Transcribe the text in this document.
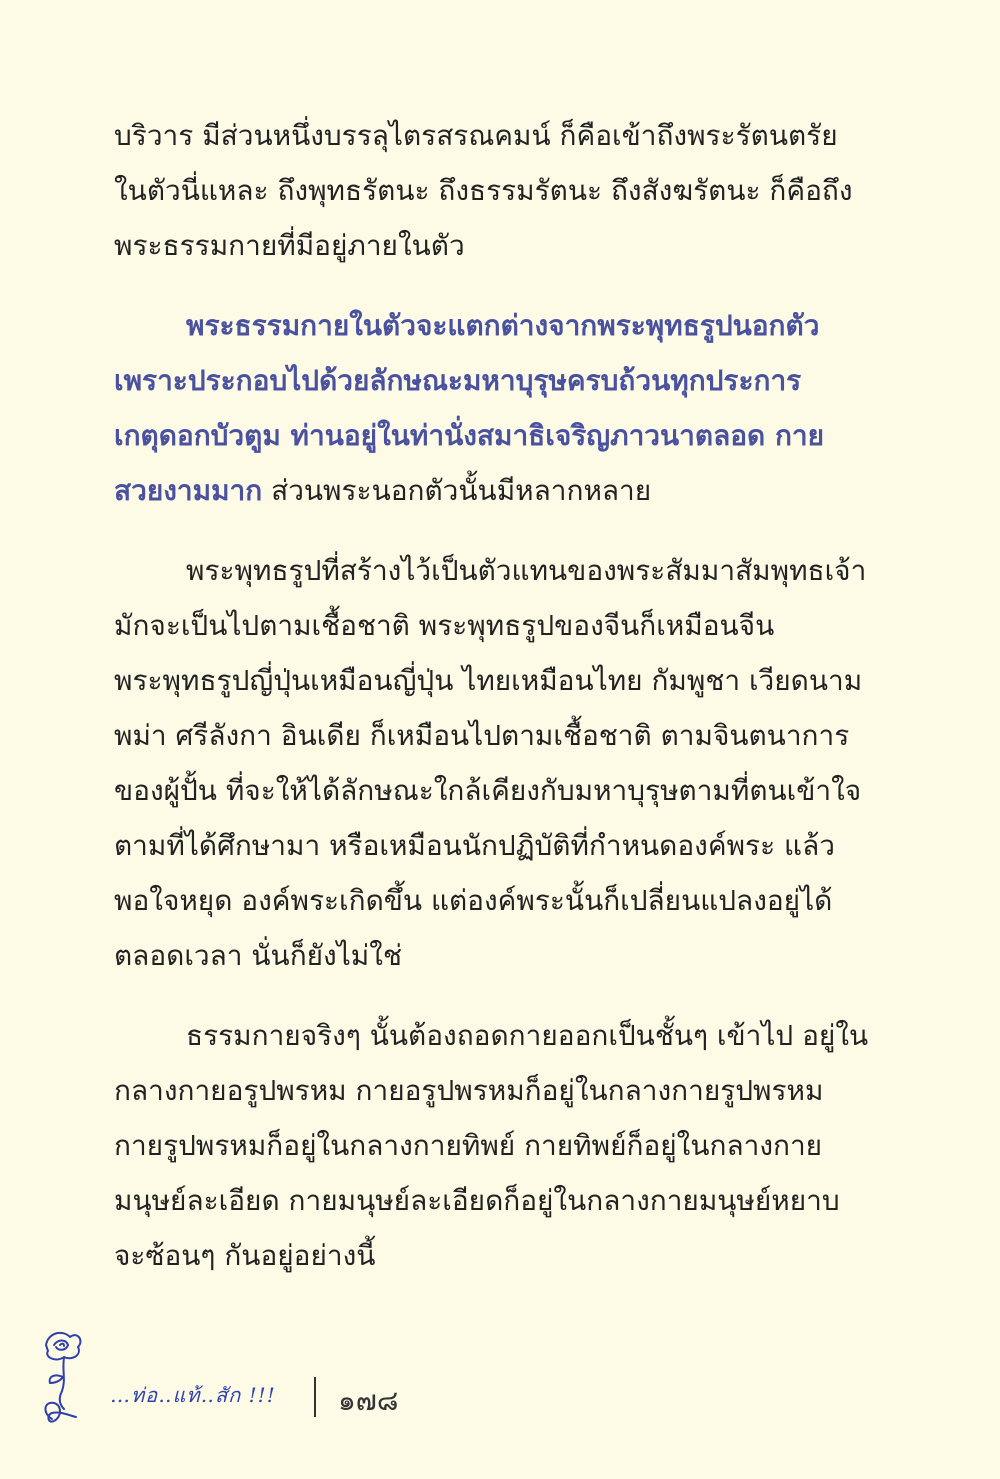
บริวาร มีส่วนหนึ่งบรรลุไตรสรณคมน์ ก็คือเข้าถึงพระรัตนตรัย
ในตัวนี่แหละ ถึงพุทธรัตนะ ถึงธรรมรัตนะ ถึงสังฆรัตนะ ก็คือถึง
พระธรรมกายที่มีอยู่ภายในตัว

พระธรรมกายในตัวจะแตกต่างจากพระพุทธรูปนอกตัว
เพราะประกอบไปด้วยลักษณะมหาบุรุษครบถ้วนทุกประการ
เกตุดอกบัวตูม ท่านอยู่ในท่านั่งสมาธิเจริญภาวนาตลอด กาย
สวยงามมาก ส่วนพระนอกตัวนั้นมีหลากหลาย

พระพุทธรูปที่สร้างไว้เป็นตัวแทนของพระสัมมาสัมพุทธเจ้า
มักจะเป็นไปตามเชื้อชาติ พระพุทธรูปของจีนก็เหมือนจีน
พระพุทธรูปญี่ปุ่นเหมือนญี่ปุ่น ไทยเหมือนไทย กัมพูชา เวียดนาม
พม่า ศรีลังกา อินเดีย ก็เหมือนไปตามเชื้อชาติ ตามจินตนาการ
ของผู้ปั้น ที่จะให้ได้ลักษณะใกล้เคียงกับมหาบุรุษตามที่ตนเข้าใจ
ตามที่ได้ศึกษามา หรือเหมือนนักปฏิบัติที่กำหนดองค์พระ แล้ว
พอใจหยุด องค์พระเกิดขึ้น แต่องค์พระนั้นก็เปลี่ยนแปลงอยู่ได้
ตลอดเวลา นั่นก็ยังไม่ใช่

ธรรมกายจริงๆ นั้นต้องถอดกายออกเป็นชั้นๆ เข้าไป อยู่ใน
กลางกายอรูปพรหม กายอรูปพรหมก็อยู่ในกลางกายรูปพรหม
กายรูปพรหมก็อยู่ในกลางกายทิพย์ กายทิพย์ก็อยู่ในกลางกาย
มนุษย์ละเอียด กายมนุษย์ละเอียดก็อยู่ในกลางกายมนุษย์หยาบ
จะซ้อนๆ กันอยู่อย่างนี้

…ท่อ‥แท้‥สัก !!! ๑๗๘
